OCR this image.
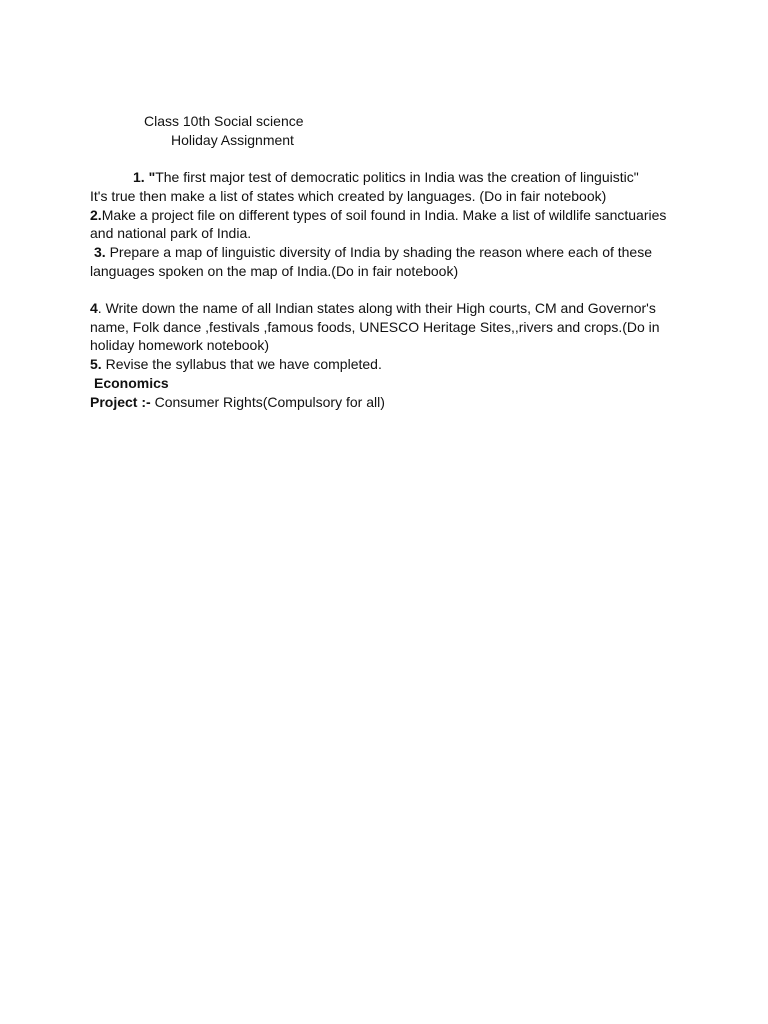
Class 10th Social science
Holiday Assignment
1. "The first major test of democratic politics in India was the creation of linguistic"
It's true then make a list of states which created by languages. (Do in fair notebook)
2.Make a project file on different types of soil found in India. Make a list of wildlife sanctuaries
and national park of India.
3. Prepare a map of linguistic diversity of India by shading the reason where each of these
languages spoken on the map of India.(Do in fair notebook)
4. Write down the name of all Indian states along with their High courts, CM and Governor's
name, Folk dance ,festivals ,famous foods, UNESCO Heritage Sites,,rivers and crops.(Do in
holiday homework notebook)
5. Revise the syllabus that we have completed.
Economics
Project :- Consumer Rights(Compulsory for all)
